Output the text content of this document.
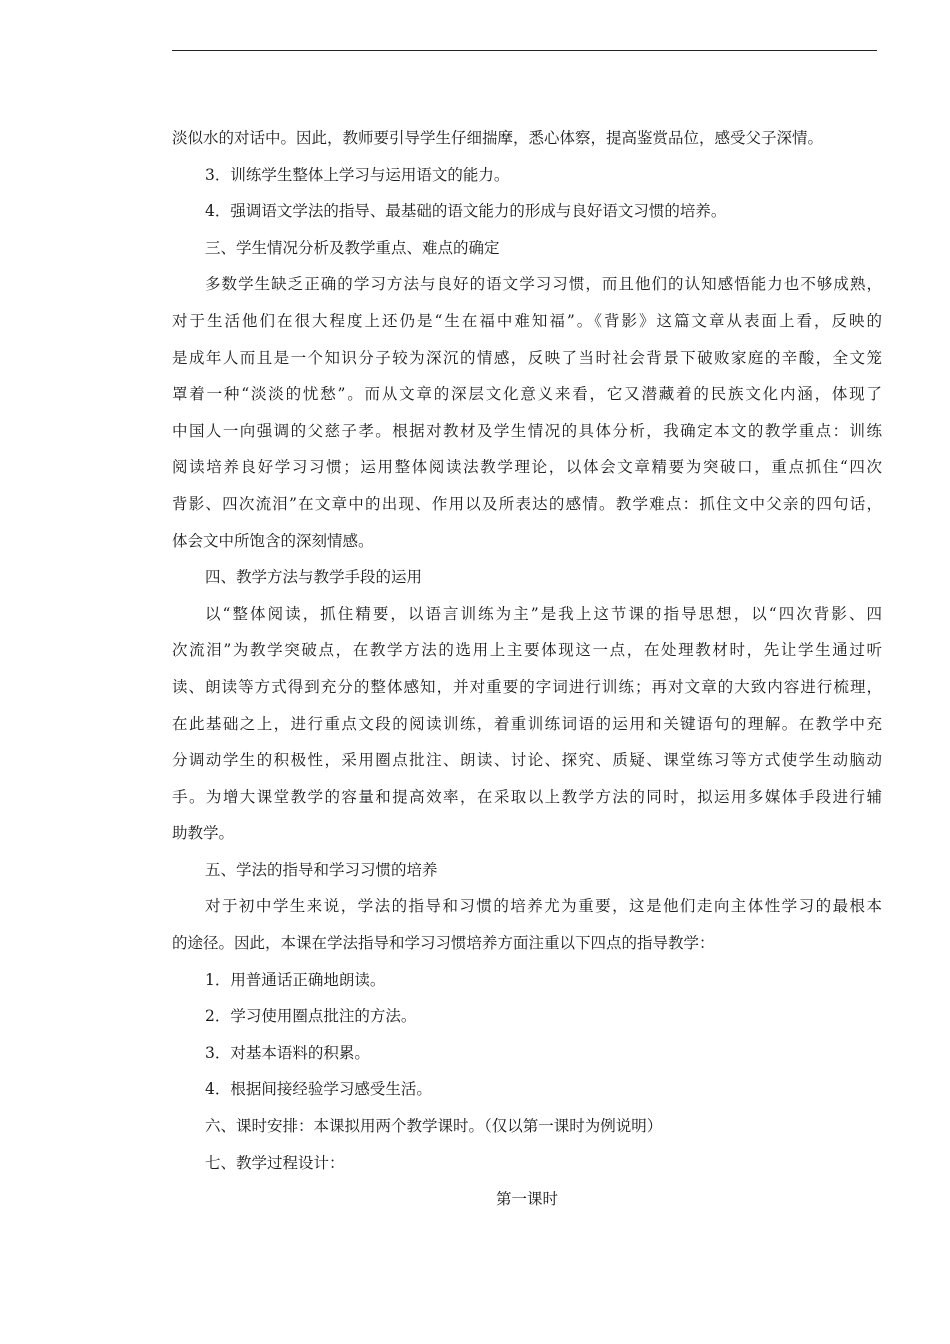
淡似水的对话中。因此，教师要引导学生仔细揣摩，悉心体察，提高鉴赏品位，感受父子深情。
3．训练学生整体上学习与运用语文的能力。
4．强调语文学法的指导、最基础的语文能力的形成与良好语文习惯的培养。
三、学生情况分析及教学重点、难点的确定
多数学生缺乏正确的学习方法与良好的语文学习习惯，而且他们的认知感悟能力也不够成熟，
对于生活他们在很大程度上还仍是“生在福中难知福”。《背影》这篇文章从表面上看，反映的
是成年人而且是一个知识分子较为深沉的情感，反映了当时社会背景下破败家庭的辛酸，全文笼
罩着一种“淡淡的忧愁”。而从文章的深层文化意义来看，它又潜藏着的民族文化内涵，体现了
中国人一向强调的父慈子孝。根据对教材及学生情况的具体分析，我确定本文的教学重点：训练
阅读培养良好学习习惯；运用整体阅读法教学理论，以体会文章精要为突破口，重点抓住“四次
背影、四次流泪”在文章中的出现、作用以及所表达的感情。教学难点：抓住文中父亲的四句话，
体会文中所饱含的深刻情感。
四、教学方法与教学手段的运用
以“整体阅读，抓住精要，以语言训练为主”是我上这节课的指导思想，以“四次背影、四
次流泪”为教学突破点，在教学方法的选用上主要体现这一点，在处理教材时，先让学生通过听
读、朗读等方式得到充分的整体感知，并对重要的字词进行训练；再对文章的大致内容进行梳理，
在此基础之上，进行重点文段的阅读训练，着重训练词语的运用和关键语句的理解。在教学中充
分调动学生的积极性，采用圈点批注、朗读、讨论、探究、质疑、课堂练习等方式使学生动脑动
手。为增大课堂教学的容量和提高效率，在采取以上教学方法的同时，拟运用多媒体手段进行辅
助教学。
五、学法的指导和学习习惯的培养
对于初中学生来说，学法的指导和习惯的培养尤为重要，这是他们走向主体性学习的最根本
的途径。因此，本课在学法指导和学习习惯培养方面注重以下四点的指导教学：
1．用普通话正确地朗读。
2．学习使用圈点批注的方法。
3．对基本语料的积累。
4．根据间接经验学习感受生活。
六、课时安排：本课拟用两个教学课时。（仅以第一课时为例说明）
七、教学过程设计：
第一课时
